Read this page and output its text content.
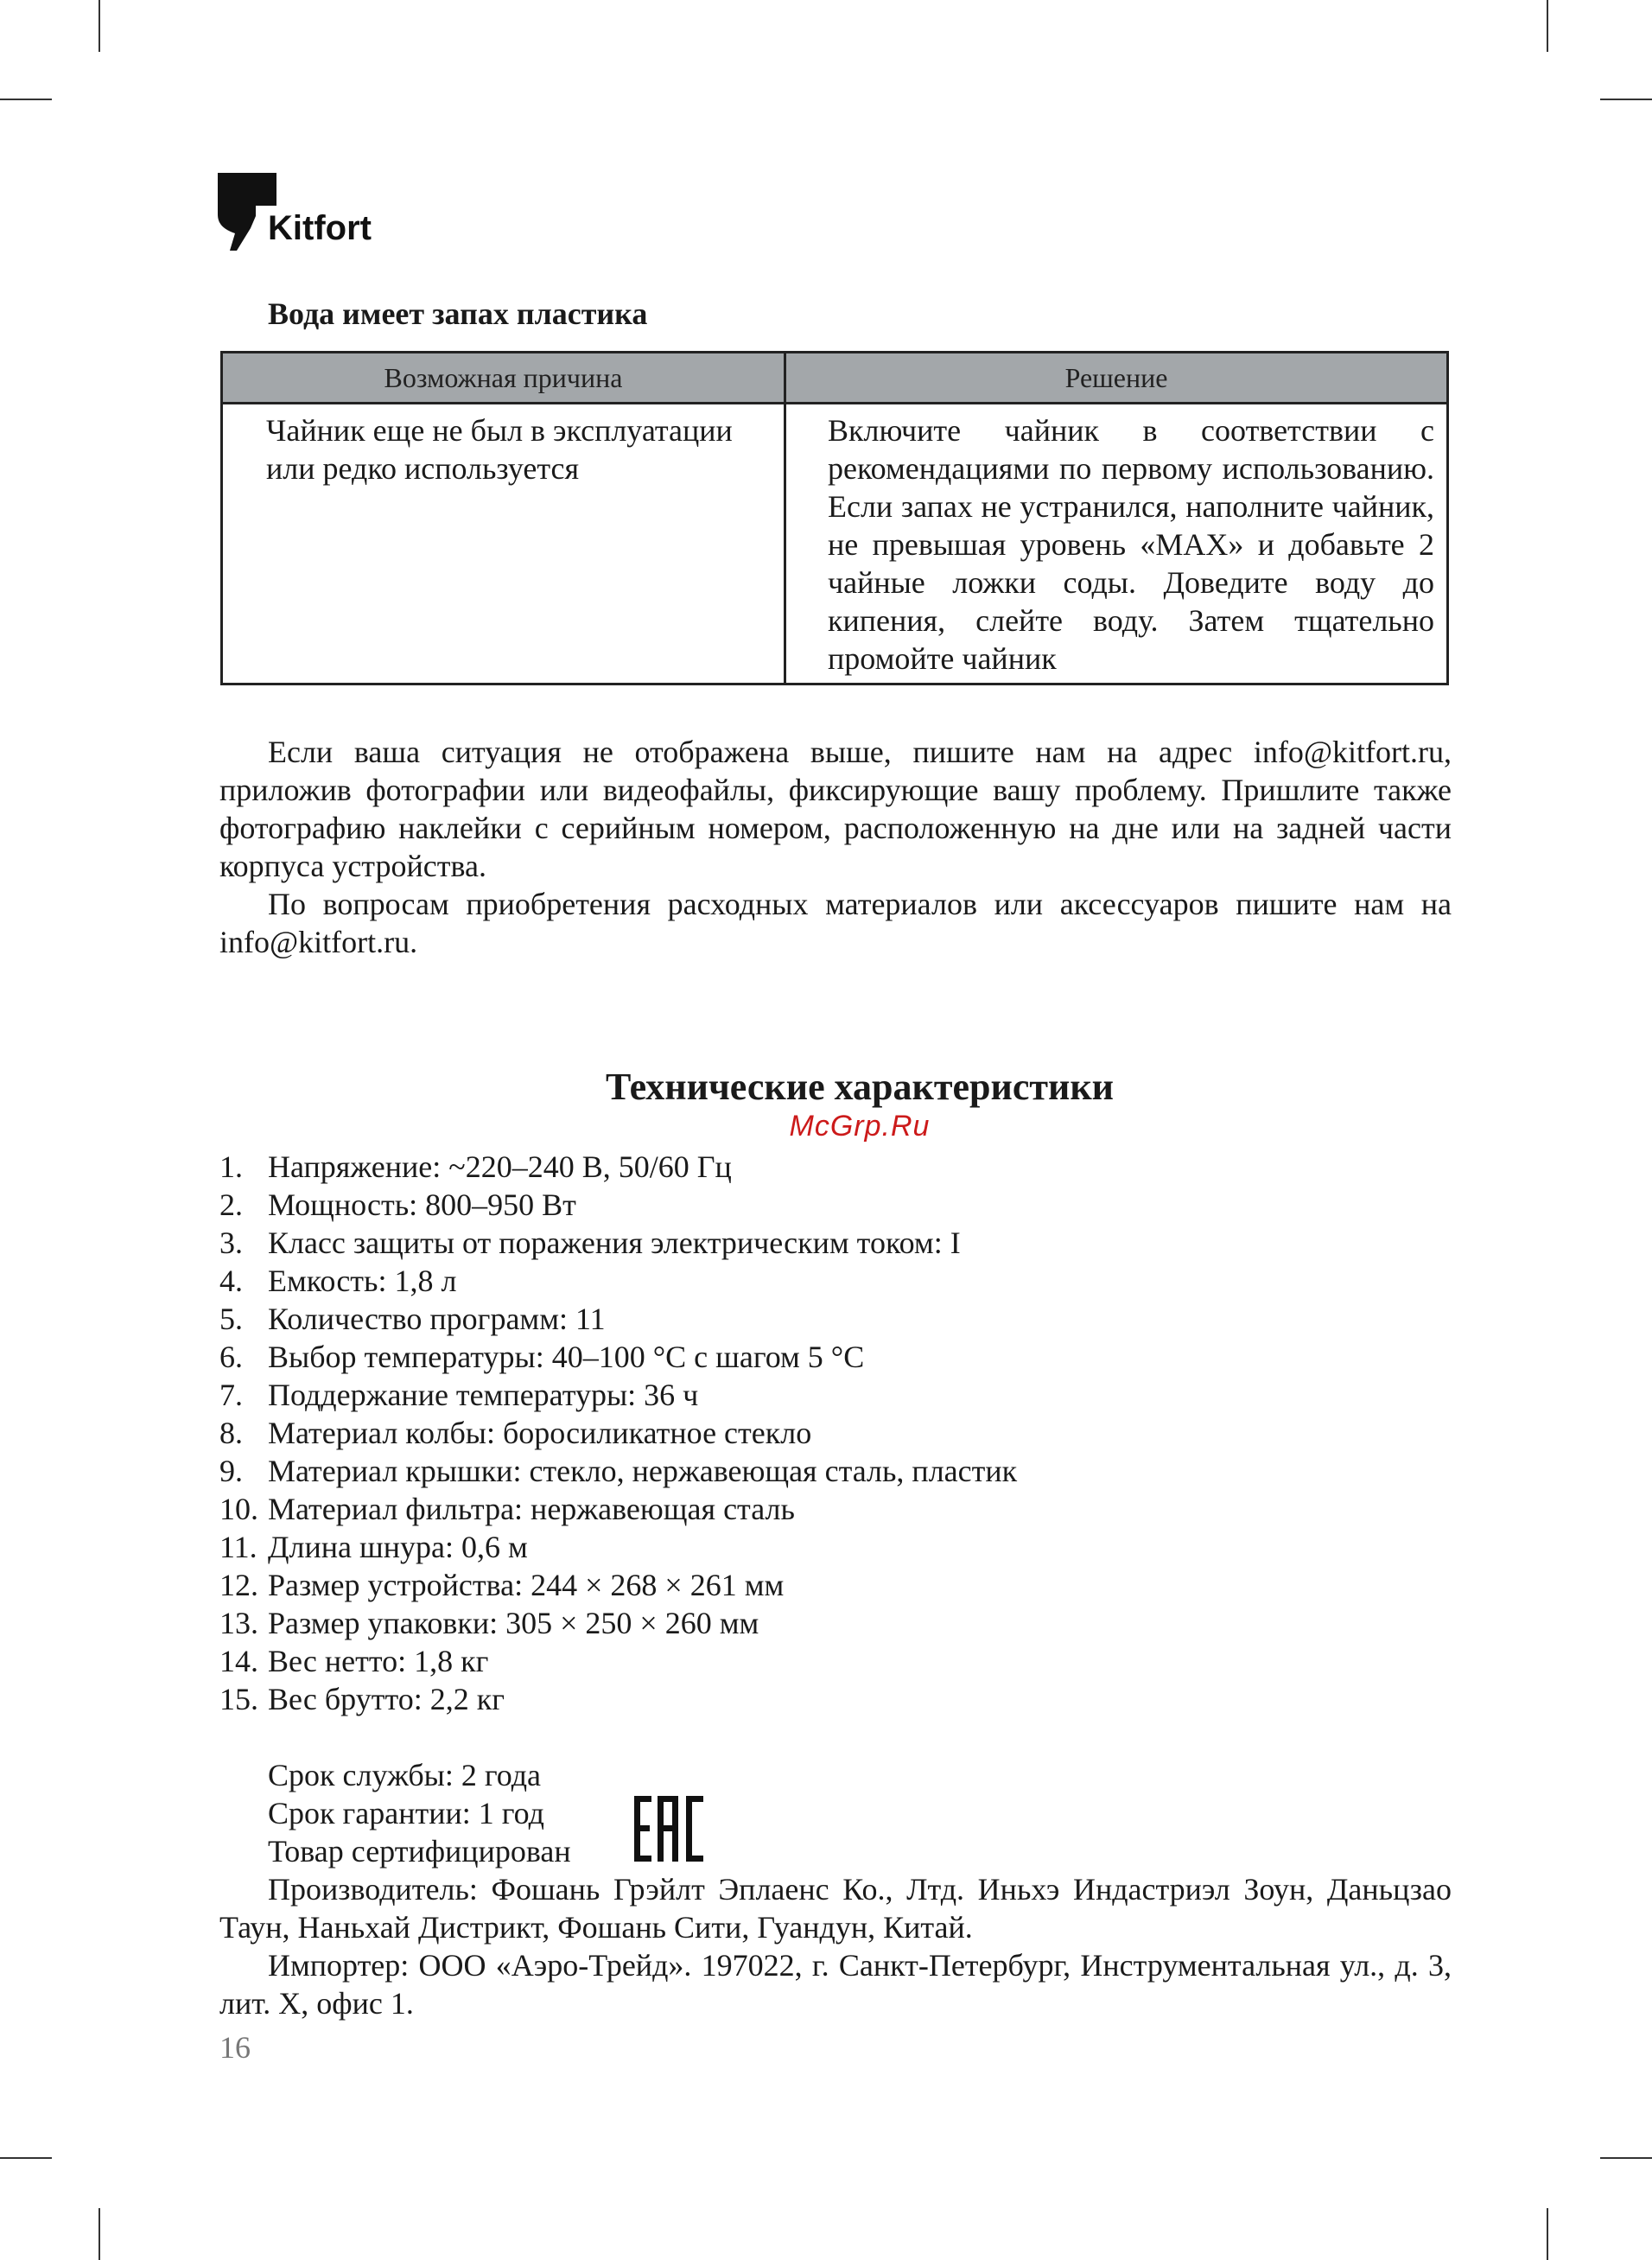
Kitfort
Вода имеет запах пластика
Возможная причина	Решение
Чайник еще не был в эксплуатации или редко используется	Включите чайник в соответствии с рекомендациями по первому использованию. Если запах не устранился, наполните чайник, не превышая уровень «MAX» и добавьте 2 чайные ложки соды. Доведите воду до кипения, слейте воду. Затем тщательно промойте чайник

Если ваша ситуация не отображена выше, пишите нам на адрес info@kitfort.ru, приложив фотографии или видеофайлы, фиксирующие вашу проблему. Пришлите также фотографию наклейки с серийным номером, расположенную на дне или на задней части корпуса устройства.

По вопросам приобретения расходных материалов или аксессуаров пишите нам на info@kitfort.ru.

Технические характеристики
McGrp.Ru
1. Напряжение: ~220–240 В, 50/60 Гц
2. Мощность: 800–950 Вт
3. Класс защиты от поражения электрическим током: I
4. Емкость: 1,8 л
5. Количество программ: 11
6. Выбор температуры: 40–100 °С с шагом 5 °С
7. Поддержание температуры: 36 ч
8. Материал колбы: боросиликатное стекло
9. Материал крышки: стекло, нержавеющая сталь, пластик
10. Материал фильтра: нержавеющая сталь
11. Длина шнура: 0,6 м
12. Размер устройства: 244 × 268 × 261 мм
13. Размер упаковки: 305 × 250 × 260 мм
14. Вес нетто: 1,8 кг
15. Вес брутто: 2,2 кг
Срок службы: 2 года
Срок гарантии: 1 год
Товар сертифицирован

Производитель: Фошань Грэйлт Эплаенс Ко., Лтд. Иньхэ Индастриэл Зоун, Даньцзао Таун, Наньхай Дистрикт, Фошань Сити, Гуандун, Китай.

Импортер: ООО «Аэро-Трейд». 197022, г. Санкт-Петербург, Инструментальная ул., д. 3, лит. Х, офис 1.

16
